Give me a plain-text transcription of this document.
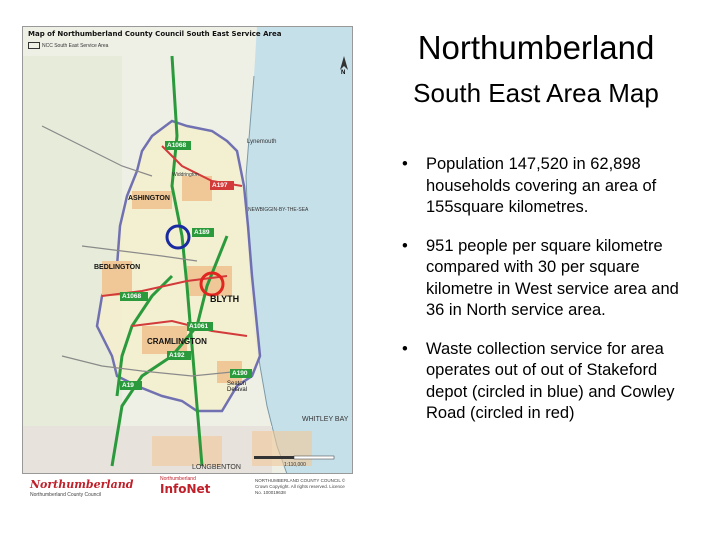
Map of Northumberland County Council South East Service Area
NCC South East Service Area
N
ASHINGTON
BLYTH
CRAMLINGTON
BEDLINGTON
Seaton Delaval
NEWBIGGIN-BY-THE-SEA
WHITLEY BAY
LONGBENTON
Lynemouth
Widdrington
A1068
A189
A197
A1061
A19
A192
A190
A1068
1:110,000
Northumberland
Northumberland County Council
Northumberland
InfoNet
NORTHUMBERLAND COUNTY COUNCIL © Crown Copyright. All rights reserved. Licence No. 100019638
Northumberland
South East Area Map
• Population 147,520 in 62,898 households covering an area of 155square kilometres.
• 951 people per square kilometre compared with 30 per square kilometre in West service area and 36 in North service area.
• Waste collection service for area operates out of out of Stakeford depot (circled in blue) and Cowley Road (circled in red)
